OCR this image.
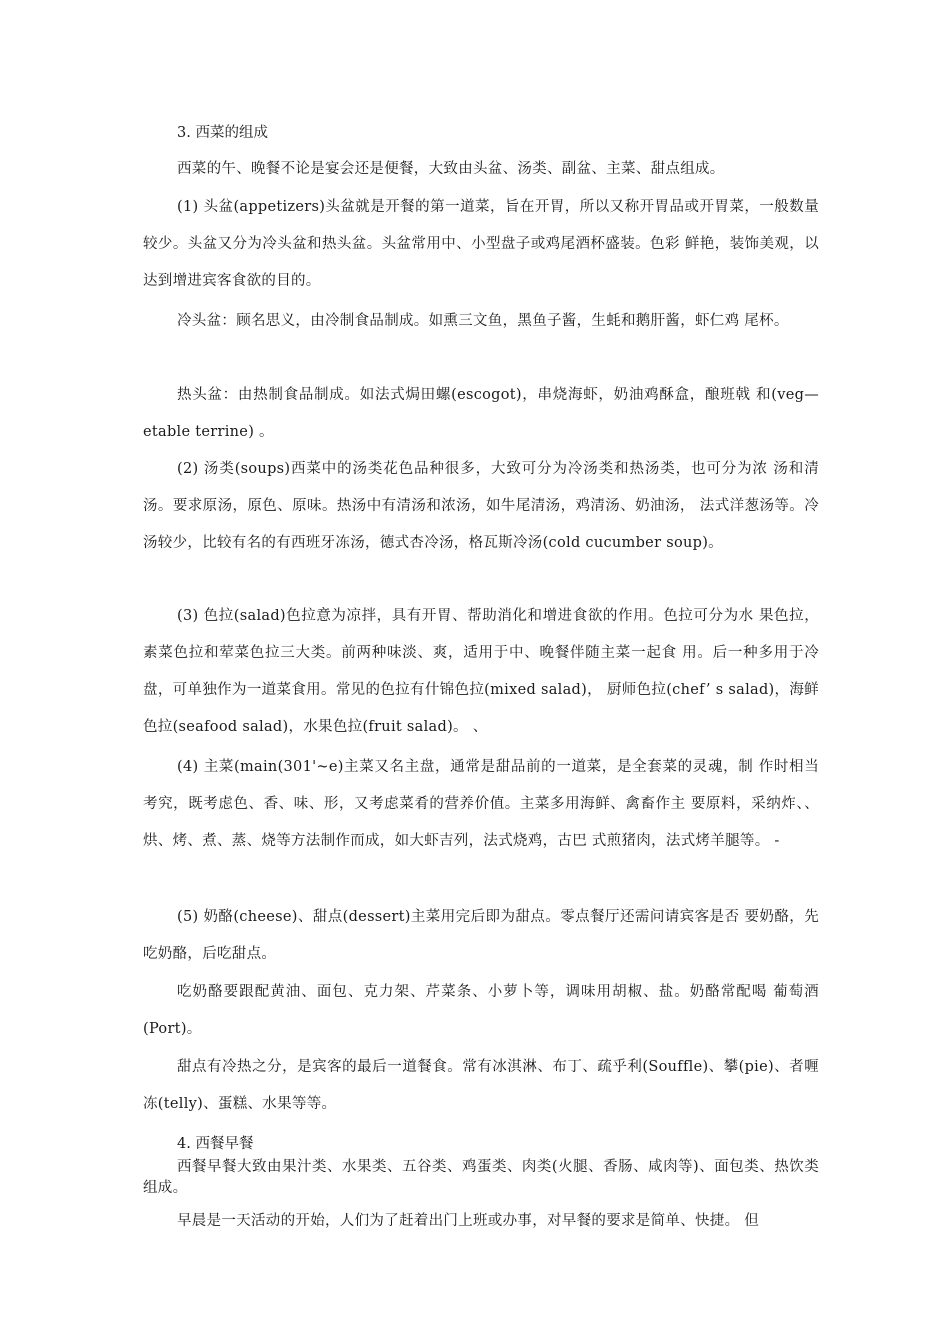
3. 西菜的组成

西菜的午、晚餐不论是宴会还是便餐，大致由头盆、汤类、副盆、主菜、甜点组成。

(1) 头盆(appetizers)头盆就是开餐的第一道菜，旨在开胃，所以又称开胃品或开胃菜，一般数量较少。头盆又分为冷头盆和热头盆。头盆常用中、小型盘子或鸡尾酒杯盛装。色彩 鲜艳，装饰美观，以达到增进宾客食欲的目的。

冷头盆：顾名思义，由冷制食品制成。如熏三文鱼，黑鱼子酱，生蚝和鹅肝酱，虾仁鸡 尾杯。

热头盆：由热制食品制成。如法式焗田螺(escogot)，串烧海虾，奶油鸡酥盒，酿班戟 和(veg— etable terrine) 。

(2) 汤类(soups)西菜中的汤类花色品种很多，大致可分为冷汤类和热汤类，也可分为浓 汤和清汤。要求原汤，原色、原味。热汤中有清汤和浓汤，如牛尾清汤，鸡清汤、奶油汤， 法式洋葱汤等。冷汤较少，比较有名的有西班牙冻汤，德式杏冷汤，格瓦斯冷汤(cold cucumber soup)。

(3) 色拉(salad)色拉意为凉拌，具有开胃、帮助消化和增进食欲的作用。色拉可分为水 果色拉，素菜色拉和荤菜色拉三大类。前两种味淡、爽，适用于中、晚餐伴随主菜一起食 用。后一种多用于冷盘，可单独作为一道菜食用。常见的色拉有什锦色拉(mixed salad)， 厨师色拉(chef’ s salad)，海鲜色拉(seafood salad)，水果色拉(fruit salad)。 、

(4) 主菜(main(301'~e)主菜又名主盘，通常是甜品前的一道菜，是全套菜的灵魂，制 作时相当考究，既考虑色、香、味、形，又考虑菜肴的营养价值。主菜多用海鲜、禽畜作主 要原料，采纳炸、、烘、烤、煮、蒸、烧等方法制作而成，如大虾吉列，法式烧鸡，古巴 式煎猪肉，法式烤羊腿等。 -

(5) 奶酪(cheese)、甜点(dessert)主菜用完后即为甜点。零点餐厅还需问请宾客是否 要奶酪，先吃奶酪，后吃甜点。

吃奶酪要跟配黄油、面包、克力架、芹菜条、小萝卜等，调味用胡椒、盐。奶酪常配喝 葡萄酒(Port)。

甜点有冷热之分，是宾客的最后一道餐食。常有冰淇淋、布丁、疏乎利(Souffle)、攀(pie)、者喱冻(telly)、蛋糕、水果等等。

4. 西餐早餐

西餐早餐大致由果汁类、水果类、五谷类、鸡蛋类、肉类(火腿、香肠、咸肉等)、面包类、热饮类组成。

早晨是一天活动的开始，人们为了赶着出门上班或办事，对早餐的要求是简单、快捷。 但
